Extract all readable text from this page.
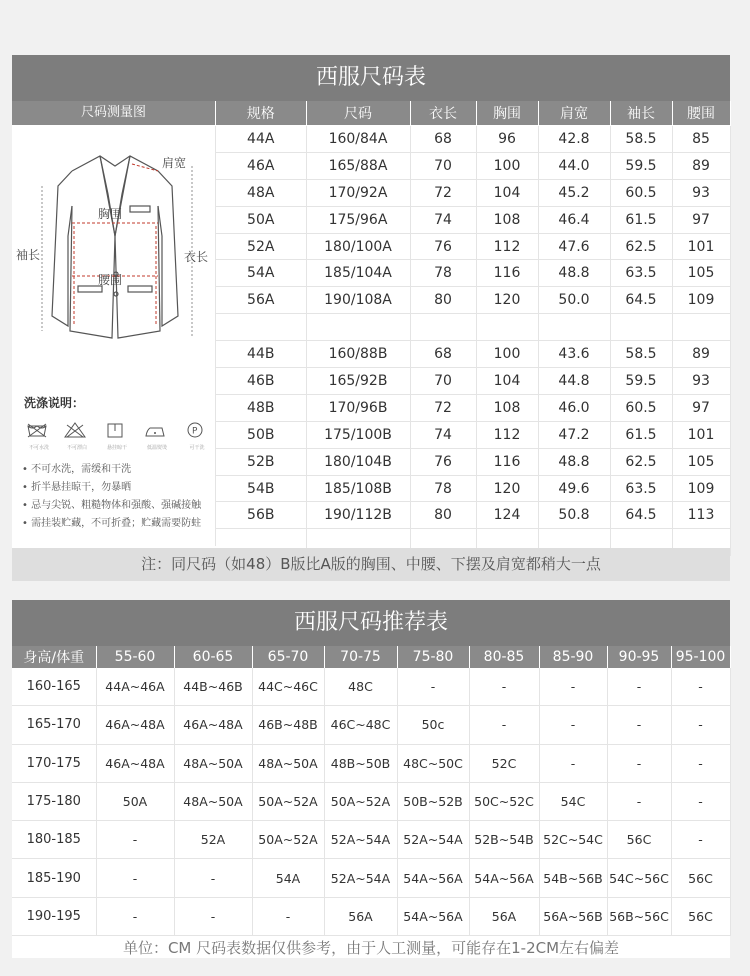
西服尺码表
尺码测量图
肩宽
胸围
袖长	衣长
腰围
洗涤说明：
不可水洗	不可漂白	悬挂晾干	低温熨烫
P
可干洗
• 不可水洗，需缓和干洗
• 折半悬挂晾干，勿暴晒
• 忌与尖锐、粗糙物体和强酸、强碱接触
• 需挂装贮藏，不可折叠；贮藏需要防蛀
规格	尺码	衣长	胸围	肩宽	袖长	腰围
44A	160/84A	68	96	42.8	58.5	85
46A	165/88A	70	100	44.0	59.5	89
48A	170/92A	72	104	45.2	60.5	93
50A	175/96A	74	108	46.4	61.5	97
52A	180/100A	76	112	47.6	62.5	101
54A	185/104A	78	116	48.8	63.5	105
56A	190/108A	80	120	50.0	64.5	109

44B	160/88B	68	100	43.6	58.5	89
46B	165/92B	70	104	44.8	59.5	93
48B	170/96B	72	108	46.0	60.5	97
50B	175/100B	74	112	47.2	61.5	101
52B	180/104B	76	116	48.8	62.5	105
54B	185/108B	78	120	49.6	63.5	109
56B	190/112B	80	124	50.8	64.5	113

注：同尺码（如48）B版比A版的胸围、中腰、下摆及肩宽都稍大一点
西服尺码推荐表
身高/体重	55-60	60-65	65-70	70-75	75-80	80-85	85-90	90-95	95-100
160-165	44A~46A	44B~46B	44C~46C	48C	-	-	-	-	-
165-170	46A~48A	46A~48A	46B~48B	46C~48C	50c	-	-	-	-
170-175	46A~48A	48A~50A	48A~50A	48B~50B	48C~50C	52C	-	-	-
175-180	50A	48A~50A	50A~52A	50A~52A	50B~52B	50C~52C	54C	-	-
180-185	-	52A	50A~52A	52A~54A	52A~54A	52B~54B	52C~54C	56C	-
185-190	-	-	54A	52A~54A	54A~56A	54A~56A	54B~56B	54C~56C	56C
190-195	-	-	-	56A	54A~56A	56A	56A~56B	56B~56C	56C
单位：CM 尺码表数据仅供参考，由于人工测量，可能存在1-2CM左右偏差
